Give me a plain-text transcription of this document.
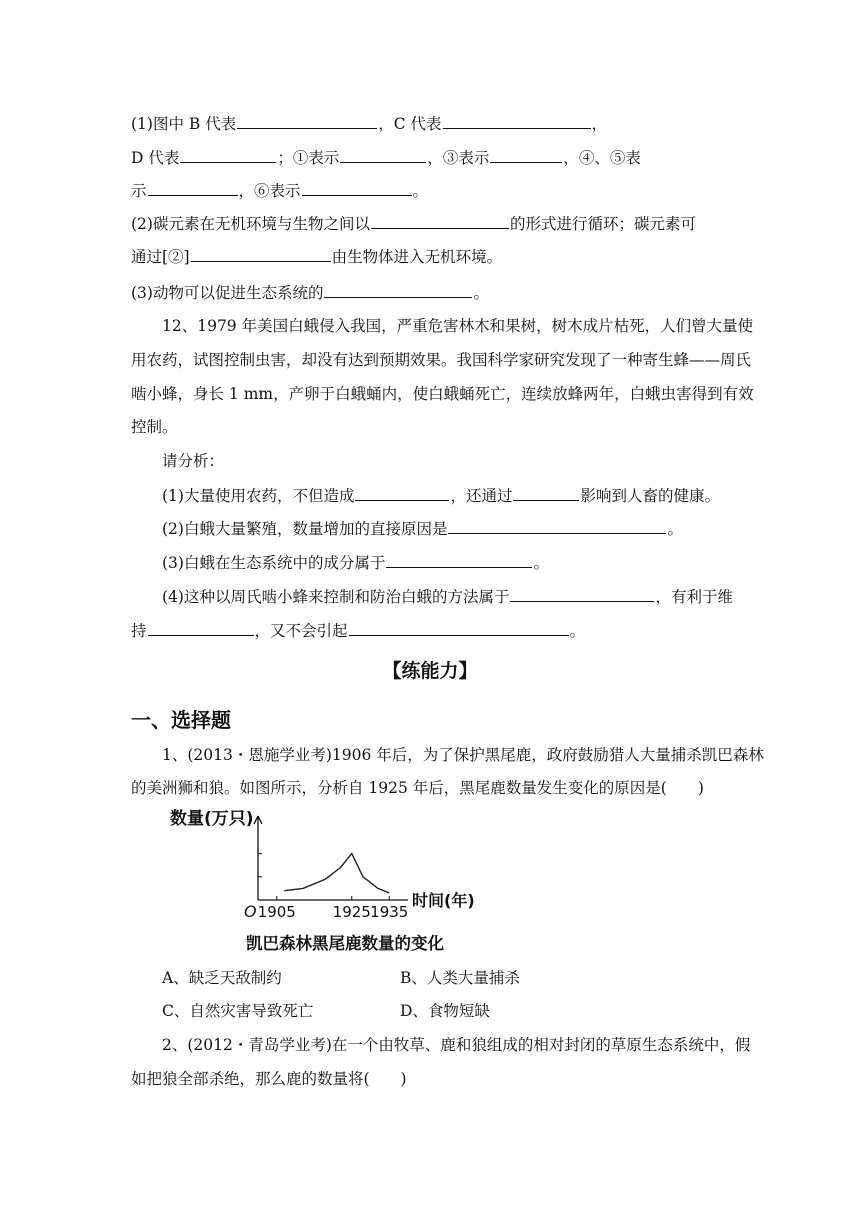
(1)图中 B 代表	，C 代表	，
D 代表	；①表示	，③表示	，④、⑤表
示	，⑥表示	。
(2)碳元素在无机环境与生物之间以	的形式进行循环；碳元素可
通过[②]	由生物体进入无机环境。
(3)动物可以促进生态系统的	。
12、1979 年美国白蛾侵入我国，严重危害林木和果树，树木成片枯死，人们曾大量使
用农药，试图控制虫害，却没有达到预期效果。我国科学家研究发现了一种寄生蜂——周氏
啮小蜂，身长 1 mm，产卵于白蛾蛹内，使白蛾蛹死亡，连续放蜂两年，白蛾虫害得到有效
控制。
请分析：
(1)大量使用农药，不但造成	，还通过	影响到人畜的健康。
(2)白蛾大量繁殖，数量增加的直接原因是	。
(3)白蛾在生态系统中的成分属于	。
(4)这种以周氏啮小蜂来控制和防治白蛾的方法属于	，有利于维
持	，又不会引起	。
【练能力】
一、选择题
1、(2013・恩施学业考)1906 年后，为了保护黑尾鹿，政府鼓励猎人大量捕杀凯巴森林
的美洲狮和狼。如图所示，分析自 1925 年后，黑尾鹿数量发生变化的原因是(　　)
数量(万只)
O
时间(年)
1905 1925 1935
凯巴森林黑尾鹿数量的变化
A、缺乏天敌制约	B、人类大量捕杀
C、自然灾害导致死亡	D、食物短缺
2、(2012・青岛学业考)在一个由牧草、鹿和狼组成的相对封闭的草原生态系统中，假
如把狼全部杀绝，那么鹿的数量将(　　)
